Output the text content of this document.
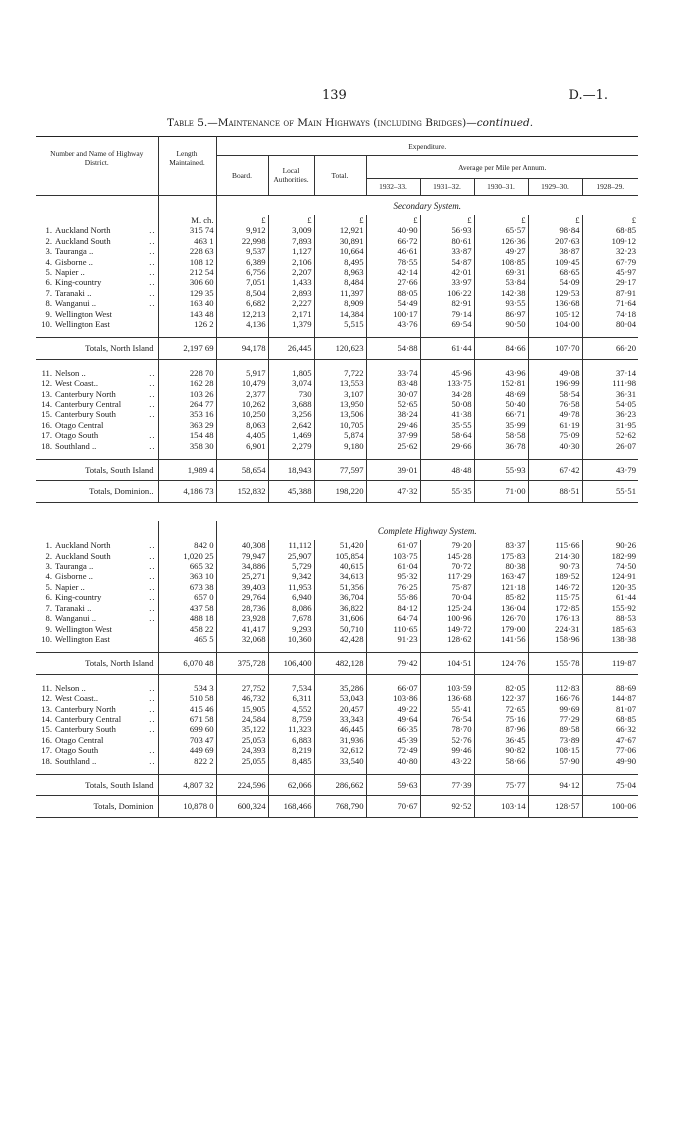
139	D.—1.
Table 5.—Maintenance of Main Highways (including Bridges)—continued.
Number and Name of Highway District.	Length Maintained.	Expenditure.							
		Board.	Local Authorities.	Total.	Average per Mile per Annum.				
					1932–33.	1931–32.	1930–31.	1929–30.	1928–29.
		Secondary System.							
	M. ch.	£	£	£	£	£	£	£	£
1. Auckland North ..	315 74	9,912	3,009	12,921	40·90	56·93	65·57	98·84	68·85
2. Auckland South ..	463 1	22,998	7,893	30,891	66·72	80·61	126·36	207·63	109·12
3. Tauranga .. ..	228 63	9,537	1,127	10,664	46·61	33·87	49·27	38·87	32·23
4. Gisborne .. ..	108 12	6,389	2,106	8,495	78·55	54·87	108·85	109·45	67·79
5. Napier .. ..	212 54	6,756	2,207	8,963	42·14	42·01	69·31	68·65	45·97
6. King-country ..	306 60	7,051	1,433	8,484	27·66	33·97	53·84	54·09	29·17
7. Taranaki .. ..	129 35	8,504	2,893	11,397	88·05	106·22	142·38	129·53	87·91
8. Wanganui .. ..	163 40	6,682	2,227	8,909	54·49	82·91	93·55	136·68	71·64
9. Wellington West	143 48	12,213	2,171	14,384	100·17	79·14	86·97	105·12	74·18
10. Wellington East	126 2	4,136	1,379	5,515	43·76	69·54	90·50	104·00	80·04

Totals, North Island	2,197 69	94,178	26,445	120,623	54·88	61·44	84·66	107·70	66·20

11. Nelson .. ..	228 70	5,917	1,805	7,722	33·74	45·96	43·96	49·08	37·14
12. West Coast.. ..	162 28	10,479	3,074	13,553	83·48	133·75	152·81	196·99	111·98
13. Canterbury North ..	103 26	2,377	730	3,107	30·07	34·28	48·69	58·54	36·31
14. Canterbury Central ..	264 77	10,262	3,688	13,950	52·65	50·08	50·40	76·58	54·05
15. Canterbury South ..	353 16	10,250	3,256	13,506	38·24	41·38	66·71	49·78	36·23
16. Otago Central	363 29	8,063	2,642	10,705	29·46	35·55	35·99	61·19	31·95
17. Otago South ..	154 48	4,405	1,469	5,874	37·99	58·64	58·58	75·09	52·62
18. Southland .. ..	358 30	6,901	2,279	9,180	25·62	29·66	36·78	40·30	26·07

Totals, South Island	1,989 4	58,654	18,943	77,597	39·01	48·48	55·93	67·42	43·79
Totals, Dominion..	4,186 73	152,832	45,388	198,220	47·32	55·35	71·00	88·51	55·51

		Complete Highway System.							
1. Auckland North ..	842 0	40,308	11,112	51,420	61·07	79·20	83·37	115·66	90·26
2. Auckland South ..	1,020 25	79,947	25,907	105,854	103·75	145·28	175·83	214·30	182·99
3. Tauranga .. ..	665 32	34,886	5,729	40,615	61·04	70·72	80·38	90·73	74·50
4. Gisborne .. ..	363 10	25,271	9,342	34,613	95·32	117·29	163·47	189·52	124·91
5. Napier .. ..	673 38	39,403	11,953	51,356	76·25	75·87	121·18	146·72	120·35
6. King-country ..	657 0	29,764	6,940	36,704	55·86	70·04	85·82	115·75	61·44
7. Taranaki .. ..	437 58	28,736	8,086	36,822	84·12	125·24	136·04	172·85	155·92
8. Wanganui .. ..	488 18	23,928	7,678	31,606	64·74	100·96	126·70	176·13	88·53
9. Wellington West	458 22	41,417	9,293	50,710	110·65	149·72	179·00	224·31	185·63
10. Wellington East	465 5	32,068	10,360	42,428	91·23	128·62	141·56	158·96	138·38

Totals, North Island	6,070 48	375,728	106,400	482,128	79·42	104·51	124·76	155·78	119·87

11. Nelson .. ..	534 3	27,752	7,534	35,286	66·07	103·59	82·05	112·83	88·69
12. West Coast.. ..	510 58	46,732	6,311	53,043	103·86	136·68	122·37	166·76	144·87
13. Canterbury North ..	415 46	15,905	4,552	20,457	49·22	55·41	72·65	99·69	81·07
14. Canterbury Central ..	671 58	24,584	8,759	33,343	49·64	76·54	75·16	77·29	68·85
15. Canterbury South ..	699 60	35,122	11,323	46,445	66·35	78·70	87·96	89·58	66·32
16. Otago Central	703 47	25,053	6,883	31,936	45·39	52·76	36·45	73·89	47·67
17. Otago South ..	449 69	24,393	8,219	32,612	72·49	99·46	90·82	108·15	77·06
18. Southland .. ..	822 2	25,055	8,485	33,540	40·80	43·22	58·66	57·90	49·90

Totals, South Island	4,807 32	224,596	62,066	286,662	59·63	77·39	75·77	94·12	75·04
Totals, Dominion	10,878 0	600,324	168,466	768,790	70·67	92·52	103·14	128·57	100·06
